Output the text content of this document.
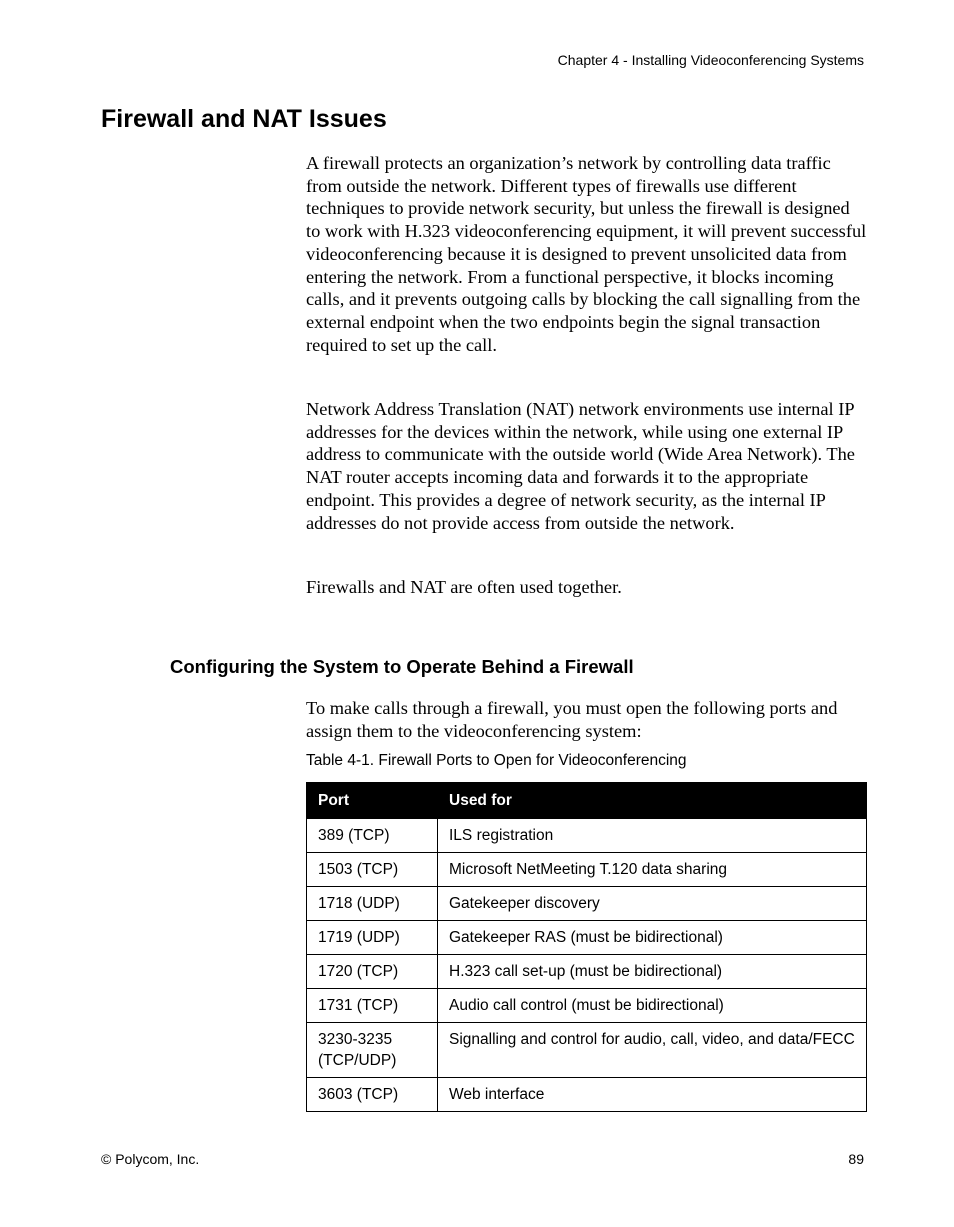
Chapter 4 - Installing Videoconferencing Systems
Firewall and NAT Issues

A firewall protects an organization’s network by controlling data traffic from outside the network. Different types of firewalls use different techniques to provide network security, but unless the firewall is designed to work with H.323 videoconferencing equipment, it will prevent successful videoconferencing because it is designed to prevent unsolicited data from entering the network. From a functional perspective, it blocks incoming calls, and it prevents outgoing calls by blocking the call signalling from the external endpoint when the two endpoints begin the signal transaction required to set up the call.

Network Address Translation (NAT) network environments use internal IP addresses for the devices within the network, while using one external IP address to communicate with the outside world (Wide Area Network). The NAT router accepts incoming data and forwards it to the appropriate endpoint. This provides a degree of network security, as the internal IP addresses do not provide access from outside the network.

Firewalls and NAT are often used together.

Configuring the System to Operate Behind a Firewall

To make calls through a firewall, you must open the following ports and assign them to the videoconferencing system:

Table 4-1. Firewall Ports to Open for Videoconferencing
Port	Used for
389 (TCP)	ILS registration
1503 (TCP)	Microsoft NetMeeting T.120 data sharing
1718 (UDP)	Gatekeeper discovery
1719 (UDP)	Gatekeeper RAS (must be bidirectional)
1720 (TCP)	H.323 call set-up (must be bidirectional)
1731 (TCP)	Audio call control (must be bidirectional)
3230-3235 (TCP/UDP)	Signalling and control for audio, call, video, and data/FECC
3603 (TCP)	Web interface
© Polycom, Inc.	89
